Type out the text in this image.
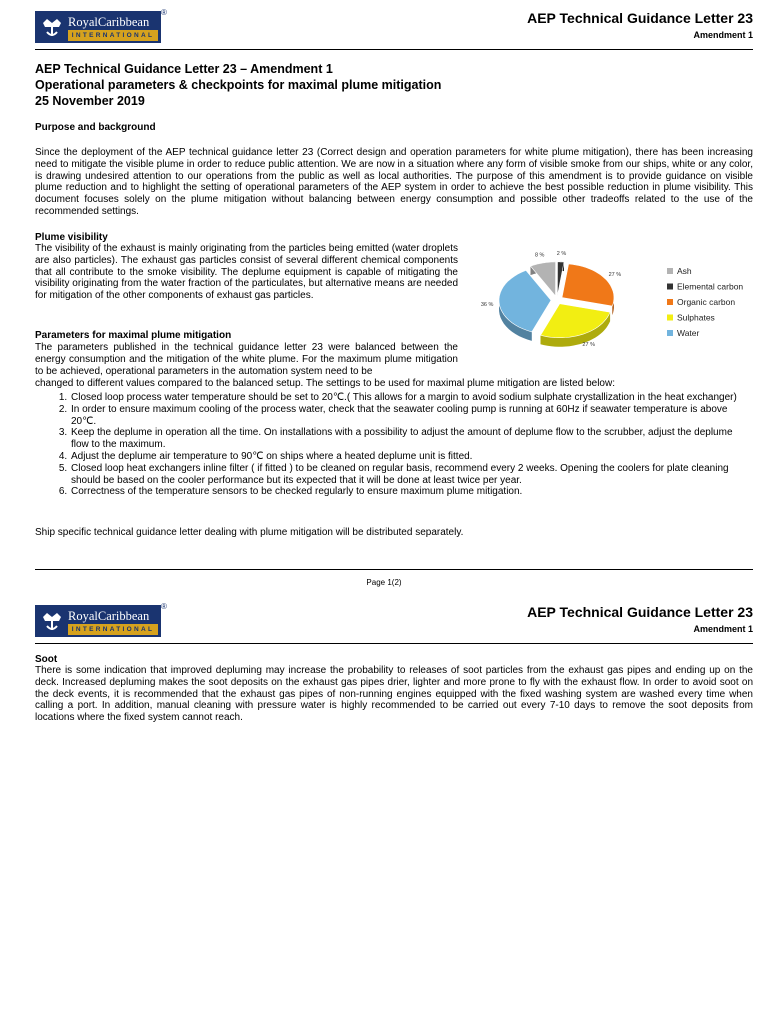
RoyalCaribbean
INTERNATIONAL
®	AEP Technical Guidance Letter 23
Amendment 1
AEP Technical Guidance Letter 23 – Amendment 1
Operational parameters & checkpoints for maximal plume mitigation
25 November 2019
Purpose and background

Since the deployment of the AEP technical guidance letter 23 (Correct design and operation parameters for white plume mitigation), there has been increasing need to mitigate the visible plume in order to reduce public attention. We are now in a situation where any form of visible smoke from our ships, white or any color, is drawing undesired attention to our operations from the public as well as local authorities. The purpose of this amendment is to provide guidance on visible plume reduction and to highlight the setting of operational parameters of the AEP system in order to achieve the best possible reduction in plume visibility. This document focuses solely on the plume mitigation without balancing between energy consumption and possible other tradeoffs related to the use of the recommended settings.

Plume visibility

The visibility of the exhaust is mainly originating from the particles being emitted (water droplets are also particles). The exhaust gas particles consist of several different chemical components that all contribute to the smoke visibility. The deplume equipment is capable of mitigating the visibility originating from the water fraction of the particulates, but alternative means are needed for mitigation of the other components of exhaust gas particles.

8 % 2 %
27 %
27 %
36 %
Ash
Elemental carbon
Organic carbon
Sulphates
Water
Parameters for maximal plume mitigation

The parameters published in the technical guidance letter 23 were balanced between the energy consumption and the mitigation of the white plume. For the maximum plume mitigation to be achieved, operational parameters in the automation system need to be

changed to different values compared to the balanced setup. The settings to be used for maximal plume mitigation are listed below:

1. Closed loop process water temperature should be set to 20℃.( This allows for a margin to avoid sodium sulphate crystallization in the heat exchanger)
2. In order to ensure maximum cooling of the process water, check that the seawater cooling pump is running at 60Hz if seawater temperature is above 20℃.
3. Keep the deplume in operation all the time. On installations with a possibility to adjust the amount of deplume flow to the scrubber, adjust the deplume flow to the maximum.
4. Adjust the deplume air temperature to 90℃ on ships where a heated deplume unit is fitted.
5. Closed loop heat exchangers inline filter ( if fitted ) to be cleaned on regular basis, recommend every 2 weeks. Opening the coolers for plate cleaning should be based on the cooler performance but its expected that it will be done at least twice per year.
6. Correctness of the temperature sensors to be checked regularly to ensure maximum plume mitigation.

Ship specific technical guidance letter dealing with plume mitigation will be distributed separately.

Page 1(2)
RoyalCaribbean
INTERNATIONAL
®	AEP Technical Guidance Letter 23
Amendment 1
Soot

There is some indication that improved depluming may increase the probability to releases of soot particles from the exhaust gas pipes and ending up on the deck. Increased depluming makes the soot deposits on the exhaust gas pipes drier, lighter and more prone to fly with the exhaust flow. In order to avoid soot on the deck events, it is recommended that the exhaust gas pipes of non-running engines equipped with the fixed washing system are washed every time when calling a port. In addition, manual cleaning with pressure water is highly recommended to be carried out every 7-10 days to remove the soot deposits from locations where the fixed system cannot reach.
